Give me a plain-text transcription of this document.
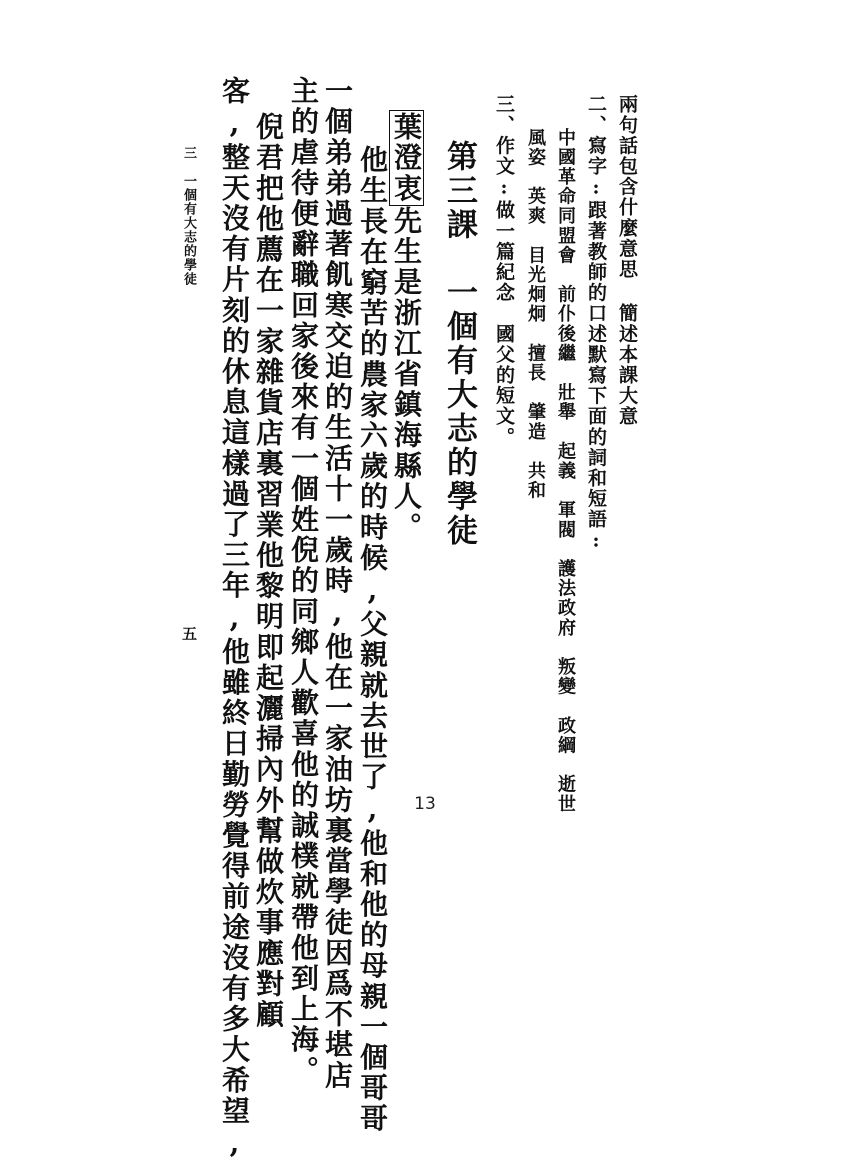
兩句話包含什麼意思 簡述本課大意
二、寫字:跟著教師的口述默寫下面的詞和短語:
中國革命同盟會　前仆後繼　壯舉　起義　軍閥　護法政府　叛變　政綱　逝世
風姿　英爽　目光炯炯　擅長　肇造　共和
三、作文:做一篇紀念　國父的短文。
第三課　一個有大志的學徒
葉澄衷先生是浙江省鎮海縣人。
他生長在窮苦的農家六歲的時候,父親就去世了,他和他的母親一個哥哥
一個弟弟過著飢寒交迫的生活十一歲時,他在一家油坊裏當學徒因爲不堪店
主的虐待便辭職回家後來有一個姓倪的同鄉人歡喜他的誠樸就帶他到上海。
倪君把他薦在一家雜貨店裏習業他黎明即起灑掃內外幫做炊事應對顧
客,整天沒有片刻的休息這樣過了三年,他雖終日勤勞覺得前途沒有多大希望,
三　一個有大志的學徒
五
13
